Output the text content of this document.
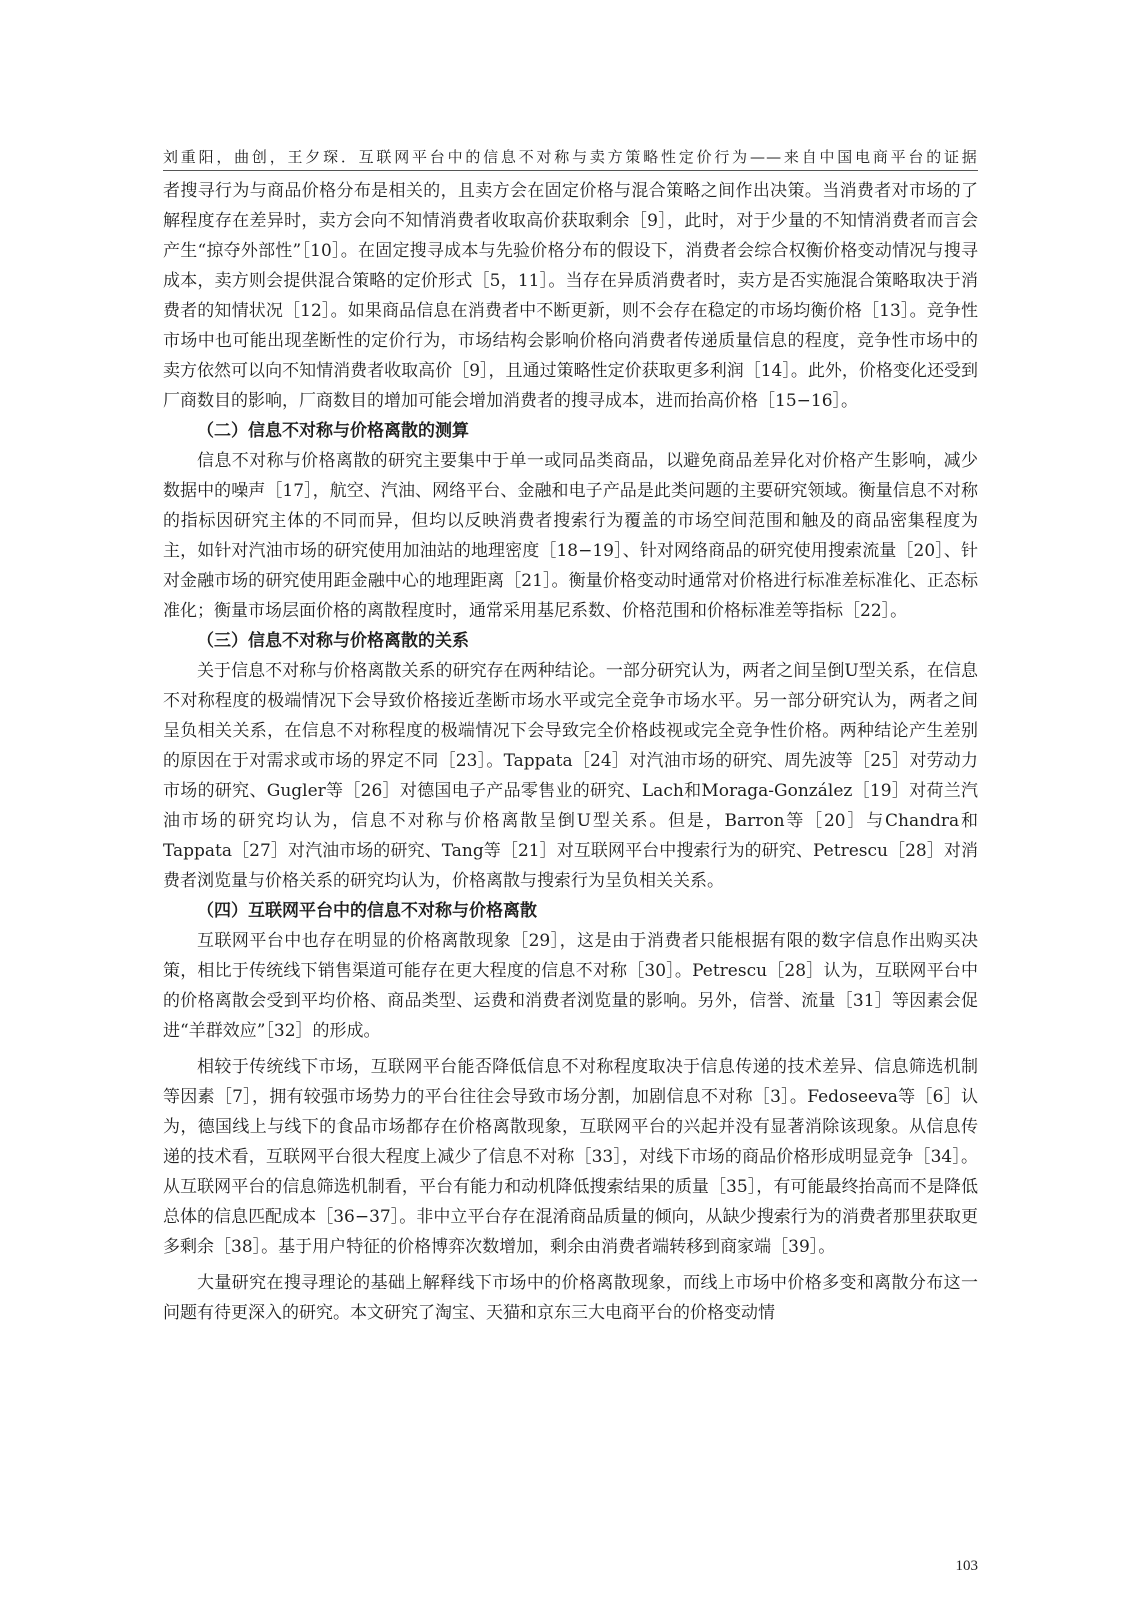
刘重阳，曲创，王夕琛．互联网平台中的信息不对称与卖方策略性定价行为——来自中国电商平台的证据

者搜寻行为与商品价格分布是相关的，且卖方会在固定价格与混合策略之间作出决策。当消费者对市场的了解程度存在差异时，卖方会向不知情消费者收取高价获取剩余［9］，此时，对于少量的不知情消费者而言会产生“掠夺外部性”［10］。在固定搜寻成本与先验价格分布的假设下，消费者会综合权衡价格变动情况与搜寻成本，卖方则会提供混合策略的定价形式［5，11］。当存在异质消费者时，卖方是否实施混合策略取决于消费者的知情状况［12］。如果商品信息在消费者中不断更新，则不会存在稳定的市场均衡价格［13］。竞争性市场中也可能出现垄断性的定价行为，市场结构会影响价格向消费者传递质量信息的程度，竞争性市场中的卖方依然可以向不知情消费者收取高价［9］，且通过策略性定价获取更多利润［14］。此外，价格变化还受到厂商数目的影响，厂商数目的增加可能会增加消费者的搜寻成本，进而抬高价格［15−16］。

（二）信息不对称与价格离散的测算

信息不对称与价格离散的研究主要集中于单一或同品类商品，以避免商品差异化对价格产生影响，减少数据中的噪声［17］，航空、汽油、网络平台、金融和电子产品是此类问题的主要研究领域。衡量信息不对称的指标因研究主体的不同而异，但均以反映消费者搜索行为覆盖的市场空间范围和触及的商品密集程度为主，如针对汽油市场的研究使用加油站的地理密度［18−19］、针对网络商品的研究使用搜索流量［20］、针对金融市场的研究使用距金融中心的地理距离［21］。衡量价格变动时通常对价格进行标准差标准化、正态标准化；衡量市场层面价格的离散程度时，通常采用基尼系数、价格范围和价格标准差等指标［22］。

（三）信息不对称与价格离散的关系

关于信息不对称与价格离散关系的研究存在两种结论。一部分研究认为，两者之间呈倒U型关系，在信息不对称程度的极端情况下会导致价格接近垄断市场水平或完全竞争市场水平。另一部分研究认为，两者之间呈负相关关系，在信息不对称程度的极端情况下会导致完全价格歧视或完全竞争性价格。两种结论产生差别的原因在于对需求或市场的界定不同［23］。Tappata［24］对汽油市场的研究、周先波等［25］对劳动力市场的研究、Gugler等［26］对德国电子产品零售业的研究、Lach和Moraga-González［19］对荷兰汽油市场的研究均认为，信息不对称与价格离散呈倒U型关系。但是，Barron等［20］与Chandra和Tappata［27］对汽油市场的研究、Tang等［21］对互联网平台中搜索行为的研究、Petrescu［28］对消费者浏览量与价格关系的研究均认为，价格离散与搜索行为呈负相关关系。

（四）互联网平台中的信息不对称与价格离散

互联网平台中也存在明显的价格离散现象［29］，这是由于消费者只能根据有限的数字信息作出购买决策，相比于传统线下销售渠道可能存在更大程度的信息不对称［30］。Petrescu［28］认为，互联网平台中的价格离散会受到平均价格、商品类型、运费和消费者浏览量的影响。另外，信誉、流量［31］等因素会促进“羊群效应”［32］的形成。

相较于传统线下市场，互联网平台能否降低信息不对称程度取决于信息传递的技术差异、信息筛选机制等因素［7］，拥有较强市场势力的平台往往会导致市场分割，加剧信息不对称［3］。Fedoseeva等［6］认为，德国线上与线下的食品市场都存在价格离散现象，互联网平台的兴起并没有显著消除该现象。从信息传递的技术看，互联网平台很大程度上减少了信息不对称［33］，对线下市场的商品价格形成明显竞争［34］。从互联网平台的信息筛选机制看，平台有能力和动机降低搜索结果的质量［35］，有可能最终抬高而不是降低总体的信息匹配成本［36−37］。非中立平台存在混淆商品质量的倾向，从缺少搜索行为的消费者那里获取更多剩余［38］。基于用户特征的价格博弈次数增加，剩余由消费者端转移到商家端［39］。

大量研究在搜寻理论的基础上解释线下市场中的价格离散现象，而线上市场中价格多变和离散分布这一问题有待更深入的研究。本文研究了淘宝、天猫和京东三大电商平台的价格变动情

103
